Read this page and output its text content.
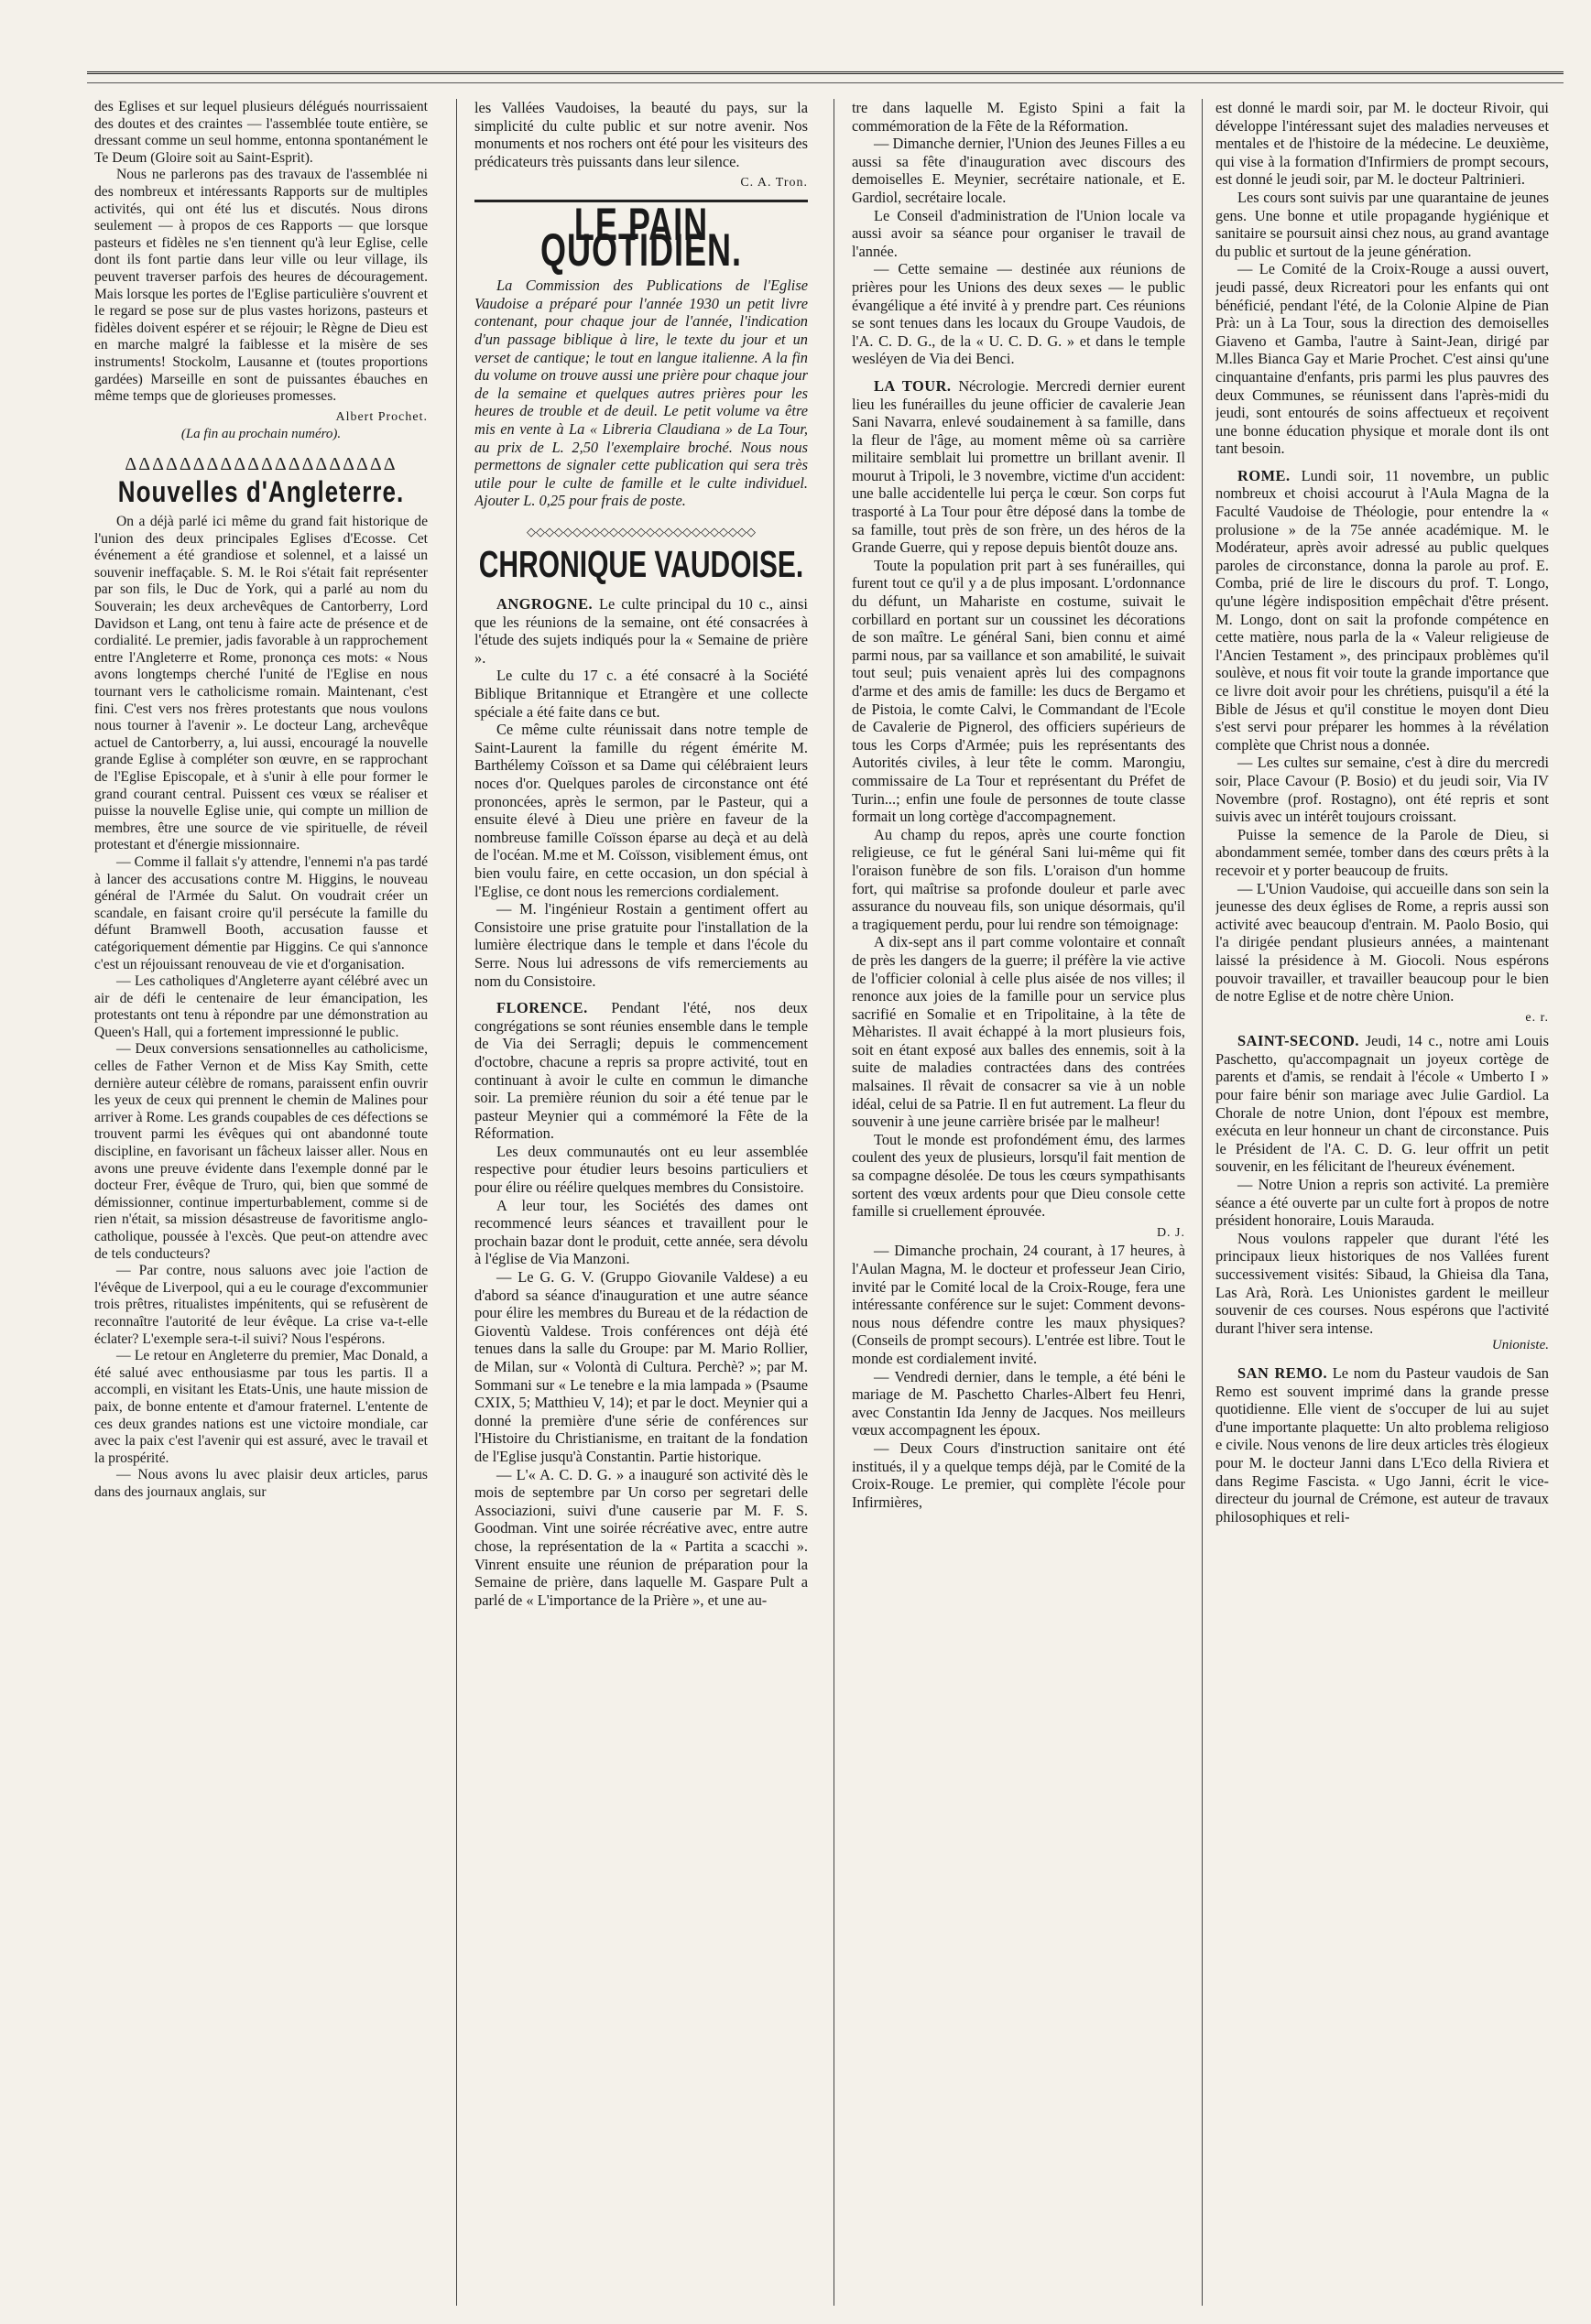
des Eglises et sur lequel plusieurs délégués nourrissaient des doutes et des craintes — l'assemblée toute entière, se dressant comme un seul homme, entonna spontanément le Te Deum (Gloire soit au Saint-Esprit).

Nous ne parlerons pas des travaux de l'assemblée ni des nombreux et intéressants Rapports sur de multiples activités, qui ont été lus et discutés. Nous dirons seulement — à propos de ces Rapports — que lorsque pasteurs et fidèles ne s'en tiennent qu'à leur Eglise, celle dont ils font partie dans leur ville ou leur village, ils peuvent traverser parfois des heures de découragement. Mais lorsque les portes de l'Eglise particulière s'ouvrent et le regard se pose sur de plus vastes horizons, pasteurs et fidèles doivent espérer et se réjouir; le Règne de Dieu est en marche malgré la faiblesse et la misère de ses instruments! Stockolm, Lausanne et (toutes proportions gardées) Marseille en sont de puissantes ébauches en même temps que de glorieuses promesses.

Albert Prochet.
(La fin au prochain numéro).
ΔΔΔΔΔΔΔΔΔΔΔΔΔΔΔΔΔΔΔΔ
Nouvelles d'Angleterre.

On a déjà parlé ici même du grand fait historique de l'union des deux principales Eglises d'Ecosse. Cet événement a été grandiose et solennel, et a laissé un souvenir ineffaçable. S. M. le Roi s'était fait représenter par son fils, le Duc de York, qui a parlé au nom du Souverain; les deux archevêques de Cantorberry, Lord Davidson et Lang, ont tenu à faire acte de présence et de cordialité. Le premier, jadis favorable à un rapprochement entre l'Angleterre et Rome, prononça ces mots: « Nous avons longtemps cherché l'unité de l'Eglise en nous tournant vers le catholicisme romain. Maintenant, c'est fini. C'est vers nos frères protestants que nous voulons nous tourner à l'avenir ». Le docteur Lang, archevêque actuel de Cantorberry, a, lui aussi, encouragé la nouvelle grande Eglise à compléter son œuvre, en se rapprochant de l'Eglise Episcopale, et à s'unir à elle pour former le grand courant central. Puissent ces vœux se réaliser et puisse la nouvelle Eglise unie, qui compte un million de membres, être une source de vie spirituelle, de réveil protestant et d'énergie missionnaire.

— Comme il fallait s'y attendre, l'ennemi n'a pas tardé à lancer des accusations contre M. Higgins, le nouveau général de l'Armée du Salut. On voudrait créer un scandale, en faisant croire qu'il persécute la famille du défunt Bramwell Booth, accusation fausse et catégoriquement démentie par Higgins. Ce qui s'annonce c'est un réjouissant renouveau de vie et d'organisation.

— Les catholiques d'Angleterre ayant célébré avec un air de défi le centenaire de leur émancipation, les protestants ont tenu à répondre par une démonstration au Queen's Hall, qui a fortement impressionné le public.

— Deux conversions sensationnelles au catholicisme, celles de Father Vernon et de Miss Kay Smith, cette dernière auteur célèbre de romans, paraissent enfin ouvrir les yeux de ceux qui prennent le chemin de Malines pour arriver à Rome. Les grands coupables de ces défections se trouvent parmi les évêques qui ont abandonné toute discipline, en favorisant un fâcheux laisser aller. Nous en avons une preuve évidente dans l'exemple donné par le docteur Frer, évêque de Truro, qui, bien que sommé de démissionner, continue imperturbablement, comme si de rien n'était, sa mission désastreuse de favoritisme anglo-catholique, poussée à l'excès. Que peut-on attendre avec de tels conducteurs?

— Par contre, nous saluons avec joie l'action de l'évêque de Liverpool, qui a eu le courage d'excommunier trois prêtres, ritualistes impénitents, qui se refusèrent de reconnaître l'autorité de leur évêque. La crise va-t-elle éclater? L'exemple sera-t-il suivi? Nous l'espérons.

— Le retour en Angleterre du premier, Mac Donald, a été salué avec enthousiasme par tous les partis. Il a accompli, en visitant les Etats-Unis, une haute mission de paix, de bonne entente et d'amour fraternel. L'entente de ces deux grandes nations est une victoire mondiale, car avec la paix c'est l'avenir qui est assuré, avec le travail et la prospérité.

— Nous avons lu avec plaisir deux articles, parus dans des journaux anglais, sur

les Vallées Vaudoises, la beauté du pays, sur la simplicité du culte public et sur notre avenir. Nos monuments et nos rochers ont été pour les visiteurs des prédicateurs très puissants dans leur silence.

C. A. Tron.
LE PAIN QUOTIDIEN.

La Commission des Publications de l'Eglise Vaudoise a préparé pour l'année 1930 un petit livre contenant, pour chaque jour de l'année, l'indication d'un passage biblique à lire, le texte du jour et un verset de cantique; le tout en langue italienne. A la fin du volume on trouve aussi une prière pour chaque jour de la semaine et quelques autres prières pour les heures de trouble et de deuil. Le petit volume va être mis en vente à La « Libreria Claudiana » de La Tour, au prix de L. 2,50 l'exemplaire broché. Nous nous permettons de signaler cette publication qui sera très utile pour le culte de famille et le culte individuel. Ajouter L. 0,25 pour frais de poste.

◇◇◇◇◇◇◇◇◇◇◇◇◇◇◇◇◇◇◇◇◇◇◇◇◇
CHRONIQUE VAUDOISE.

ANGROGNE. Le culte principal du 10 c., ainsi que les réunions de la semaine, ont été consacrées à l'étude des sujets indiqués pour la « Semaine de prière ».

Le culte du 17 c. a été consacré à la Société Biblique Britannique et Etrangère et une collecte spéciale a été faite dans ce but.

Ce même culte réunissait dans notre temple de Saint-Laurent la famille du régent émérite M. Barthélemy Coïsson et sa Dame qui célébraient leurs noces d'or. Quelques paroles de circonstance ont été prononcées, après le sermon, par le Pasteur, qui a ensuite élevé à Dieu une prière en faveur de la nombreuse famille Coïsson éparse au deçà et au delà de l'océan. M.me et M. Coïsson, visiblement émus, ont bien voulu faire, en cette occasion, un don spécial à l'Eglise, ce dont nous les remercions cordialement.

— M. l'ingénieur Rostain a gentiment offert au Consistoire une prise gratuite pour l'installation de la lumière électrique dans le temple et dans l'école du Serre. Nous lui adressons de vifs remerciements au nom du Consistoire.

FLORENCE. Pendant l'été, nos deux congrégations se sont réunies ensemble dans le temple de Via dei Serragli; depuis le commencement d'octobre, chacune a repris sa propre activité, tout en continuant à avoir le culte en commun le dimanche soir. La première réunion du soir a été tenue par le pasteur Meynier qui a commémoré la Fête de la Réformation.

Les deux communautés ont eu leur assemblée respective pour étudier leurs besoins particuliers et pour élire ou réélire quelques membres du Consistoire.

A leur tour, les Sociétés des dames ont recommencé leurs séances et travaillent pour le prochain bazar dont le produit, cette année, sera dévolu à l'église de Via Manzoni.

— Le G. G. V. (Gruppo Giovanile Valdese) a eu d'abord sa séance d'inauguration et une autre séance pour élire les membres du Bureau et de la rédaction de Gioventù Valdese. Trois conférences ont déjà été tenues dans la salle du Groupe: par M. Mario Rollier, de Milan, sur « Volontà di Cultura. Perchè? »; par M. Sommani sur « Le tenebre e la mia lampada » (Psaume CXIX, 5; Matthieu V, 14); et par le doct. Meynier qui a donné la première d'une série de conférences sur l'Histoire du Christianisme, en traitant de la fondation de l'Eglise jusqu'à Constantin. Partie historique.

— L'« A. C. D. G. » a inauguré son activité dès le mois de septembre par Un corso per segretari delle Associazioni, suivi d'une causerie par M. F. S. Goodman. Vint une soirée récréative avec, entre autre chose, la représentation de la « Partita a scacchi ». Vinrent ensuite une réunion de préparation pour la Semaine de prière, dans laquelle M. Gaspare Pult a parlé de « L'importance de la Prière », et une au-

tre dans laquelle M. Egisto Spini a fait la commémoration de la Fête de la Réformation.

— Dimanche dernier, l'Union des Jeunes Filles a eu aussi sa fête d'inauguration avec discours des demoiselles E. Meynier, secrétaire nationale, et E. Gardiol, secrétaire locale.

Le Conseil d'administration de l'Union locale va aussi avoir sa séance pour organiser le travail de l'année.

— Cette semaine — destinée aux réunions de prières pour les Unions des deux sexes — le public évangélique a été invité à y prendre part. Ces réunions se sont tenues dans les locaux du Groupe Vaudois, de l'A. C. D. G., de la « U. C. D. G. » et dans le temple wesléyen de Via dei Benci.

LA TOUR. Nécrologie. Mercredi dernier eurent lieu les funérailles du jeune officier de cavalerie Jean Sani Navarra, enlevé soudainement à sa famille, dans la fleur de l'âge, au moment même où sa carrière militaire semblait lui promettre un brillant avenir. Il mourut à Tripoli, le 3 novembre, victime d'un accident: une balle accidentelle lui perça le cœur. Son corps fut trasporté à La Tour pour être déposé dans la tombe de sa famille, tout près de son frère, un des héros de la Grande Guerre, qui y repose depuis bientôt douze ans.

Toute la population prit part à ses funérailles, qui furent tout ce qu'il y a de plus imposant. L'ordonnance du défunt, un Mahariste en costume, suivait le corbillard en portant sur un coussinet les décorations de son maître. Le général Sani, bien connu et aimé parmi nous, par sa vaillance et son amabilité, le suivait tout seul; puis venaient après lui des compagnons d'arme et des amis de famille: les ducs de Bergamo et de Pistoia, le comte Calvi, le Commandant de l'Ecole de Cavalerie de Pignerol, des officiers supérieurs de tous les Corps d'Armée; puis les représentants des Autorités civiles, à leur tête le comm. Marongiu, commissaire de La Tour et représentant du Préfet de Turin...; enfin une foule de personnes de toute classe formait un long cortège d'accompagnement.

Au champ du repos, après une courte fonction religieuse, ce fut le général Sani lui-même qui fit l'oraison funèbre de son fils. L'oraison d'un homme fort, qui maîtrise sa profonde douleur et parle avec assurance du nouveau fils, son unique désormais, qu'il a tragiquement perdu, pour lui rendre son témoignage:

A dix-sept ans il part comme volontaire et connaît de près les dangers de la guerre; il préfère la vie active de l'officier colonial à celle plus aisée de nos villes; il renonce aux joies de la famille pour un service plus sacrifié en Somalie et en Tripolitaine, à la tête de Mèharistes. Il avait échappé à la mort plusieurs fois, soit en étant exposé aux balles des ennemis, soit à la suite de maladies contractées dans des contrées malsaines. Il rêvait de consacrer sa vie à un noble idéal, celui de sa Patrie. Il en fut autrement. La fleur du souvenir à une jeune carrière brisée par le malheur!

Tout le monde est profondément ému, des larmes coulent des yeux de plusieurs, lorsqu'il fait mention de sa compagne désolée. De tous les cœurs sympathisants sortent des vœux ardents pour que Dieu console cette famille si cruellement éprouvée.

D. J.

— Dimanche prochain, 24 courant, à 17 heures, à l'Aulan Magna, M. le docteur et professeur Jean Cirio, invité par le Comité local de la Croix-Rouge, fera une intéressante conférence sur le sujet: Comment devons-nous nous défendre contre les maux physiques? (Conseils de prompt secours). L'entrée est libre. Tout le monde est cordialement invité.

— Vendredi dernier, dans le temple, a été béni le mariage de M. Paschetto Charles-Albert feu Henri, avec Constantin Ida Jenny de Jacques. Nos meilleurs vœux accompagnent les époux.

— Deux Cours d'instruction sanitaire ont été institués, il y a quelque temps déjà, par le Comité de la Croix-Rouge. Le premier, qui complète l'école pour Infirmières,

est donné le mardi soir, par M. le docteur Rivoir, qui développe l'intéressant sujet des maladies nerveuses et mentales et de l'histoire de la médecine. Le deuxième, qui vise à la formation d'Infirmiers de prompt secours, est donné le jeudi soir, par M. le docteur Paltrinieri.

Les cours sont suivis par une quarantaine de jeunes gens. Une bonne et utile propagande hygiénique et sanitaire se poursuit ainsi chez nous, au grand avantage du public et surtout de la jeune génération.

— Le Comité de la Croix-Rouge a aussi ouvert, jeudi passé, deux Ricreatori pour les enfants qui ont bénéficié, pendant l'été, de la Colonie Alpine de Pian Prà: un à La Tour, sous la direction des demoiselles Giaveno et Gamba, l'autre à Saint-Jean, dirigé par M.lles Bianca Gay et Marie Prochet. C'est ainsi qu'une cinquantaine d'enfants, pris parmi les plus pauvres des deux Communes, se réunissent dans l'après-midi du jeudi, sont entourés de soins affectueux et reçoivent une bonne éducation physique et morale dont ils ont tant besoin.

ROME. Lundi soir, 11 novembre, un public nombreux et choisi accourut à l'Aula Magna de la Faculté Vaudoise de Théologie, pour entendre la « prolusione » de la 75e année académique. M. le Modérateur, après avoir adressé au public quelques paroles de circonstance, donna la parole au prof. E. Comba, prié de lire le discours du prof. T. Longo, qu'une légère indisposition empêchait d'être présent. M. Longo, dont on sait la profonde compétence en cette matière, nous parla de la « Valeur religieuse de l'Ancien Testament », des principaux problèmes qu'il soulève, et nous fit voir toute la grande importance que ce livre doit avoir pour les chrétiens, puisqu'il a été la Bible de Jésus et qu'il constitue le moyen dont Dieu s'est servi pour préparer les hommes à la révélation complète que Christ nous a donnée.

— Les cultes sur semaine, c'est à dire du mercredi soir, Place Cavour (P. Bosio) et du jeudi soir, Via IV Novembre (prof. Rostagno), ont été repris et sont suivis avec un intérêt toujours croissant.

Puisse la semence de la Parole de Dieu, si abondamment semée, tomber dans des cœurs prêts à la recevoir et y porter beaucoup de fruits.

— L'Union Vaudoise, qui accueille dans son sein la jeunesse des deux églises de Rome, a repris aussi son activité avec beaucoup d'entrain. M. Paolo Bosio, qui l'a dirigée pendant plusieurs années, a maintenant laissé la présidence à M. Giocoli. Nous espérons pouvoir travailler, et travailler beaucoup pour le bien de notre Eglise et de notre chère Union.

e. r.

SAINT-SECOND. Jeudi, 14 c., notre ami Louis Paschetto, qu'accompagnait un joyeux cortège de parents et d'amis, se rendait à l'école « Umberto I » pour faire bénir son mariage avec Julie Gardiol. La Chorale de notre Union, dont l'époux est membre, exécuta en leur honneur un chant de circonstance. Puis le Président de l'A. C. D. G. leur offrit un petit souvenir, en les félicitant de l'heureux événement.

— Notre Union a repris son activité. La première séance a été ouverte par un culte fort à propos de notre président honoraire, Louis Marauda.

Nous voulons rappeler que durant l'été les principaux lieux historiques de nos Vallées furent successivement visités: Sibaud, la Ghieisa dla Tana, Las Arà, Rorà. Les Unionistes gardent le meilleur souvenir de ces courses. Nous espérons que l'activité durant l'hiver sera intense.

Unioniste.

SAN REMO. Le nom du Pasteur vaudois de San Remo est souvent imprimé dans la grande presse quotidienne. Elle vient de s'occuper de lui au sujet d'une importante plaquette: Un alto problema religioso e civile. Nous venons de lire deux articles très élogieux pour M. le docteur Janni dans L'Eco della Riviera et dans Regime Fascista. « Ugo Janni, écrit le vice-directeur du journal de Crémone, est auteur de travaux philosophiques et reli-
